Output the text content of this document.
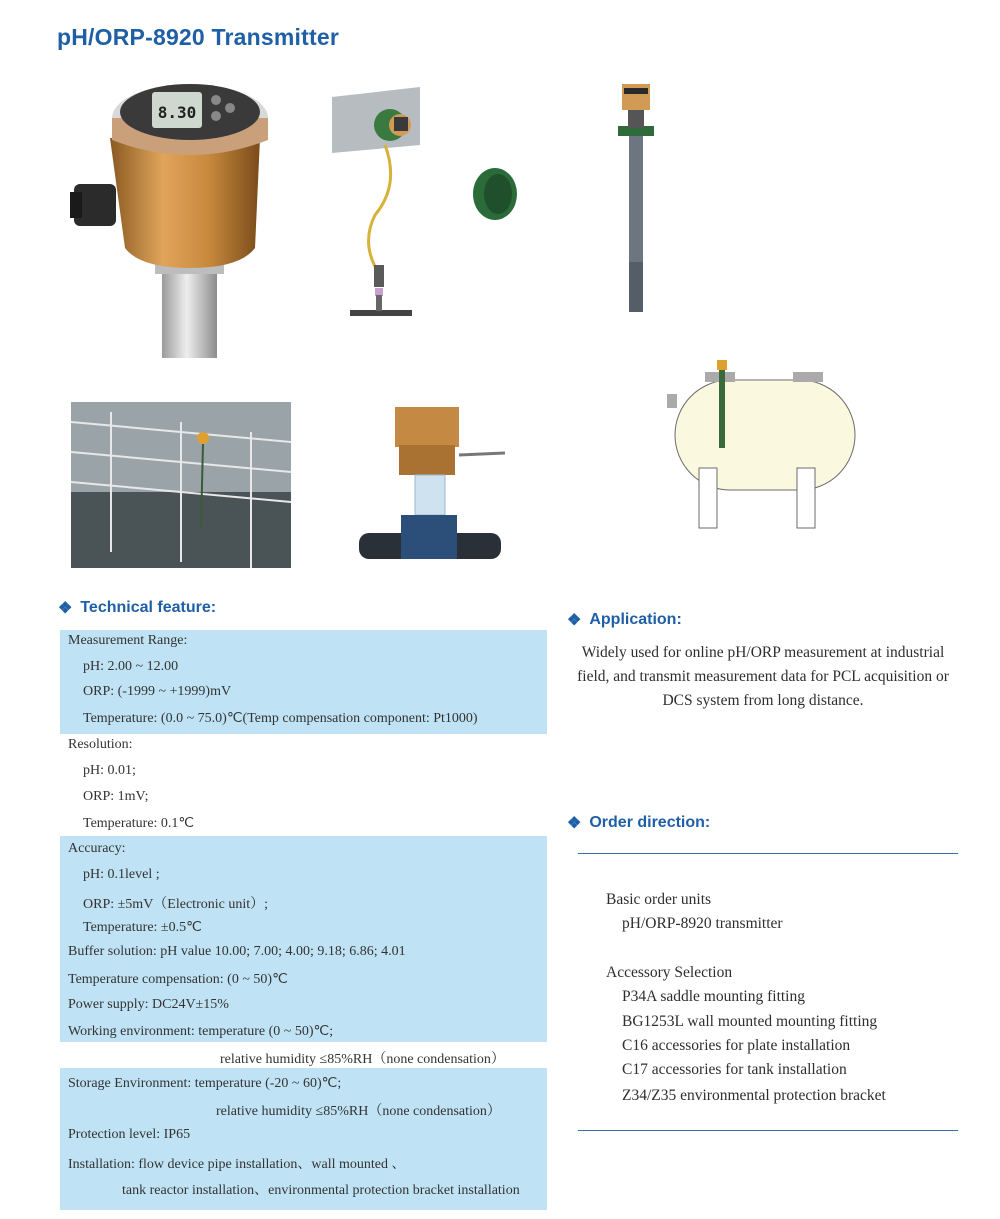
pH/ORP-8920 Transmitter
8.30
❖ Technical feature:
Measurement Range:
pH: 2.00 ~ 12.00
ORP: (-1999 ~ +1999)mV
Temperature: (0.0 ~ 75.0)℃(Temp compensation component: Pt1000)
Resolution:
pH: 0.01;
ORP: 1mV;
Temperature: 0.1℃
Accuracy:
pH: 0.1level ;
ORP: ±5mV（Electronic unit）;
Temperature: ±0.5℃
Buffer solution: pH value 10.00; 7.00; 4.00; 9.18; 6.86; 4.01
Temperature compensation: (0 ~ 50)℃
Power supply: DC24V±15%
Working environment: temperature (0 ~ 50)℃;
relative humidity ≤85%RH（none condensation）
Storage Environment: temperature (-20 ~ 60)℃;
relative humidity ≤85%RH（none condensation）
Protection level: IP65
Installation: flow device pipe installation、wall mounted 、
tank reactor installation、environmental protection bracket installation
❖ Application:
Widely used for online pH/ORP measurement at industrial field, and transmit measurement data for PCL acquisition or DCS system from long distance.
❖ Order direction:
Basic order units
pH/ORP-8920 transmitter
Accessory Selection
P34A saddle mounting fitting
BG1253L wall mounted mounting fitting
C16 accessories for plate installation
C17 accessories for tank installation
Z34/Z35 environmental protection bracket
